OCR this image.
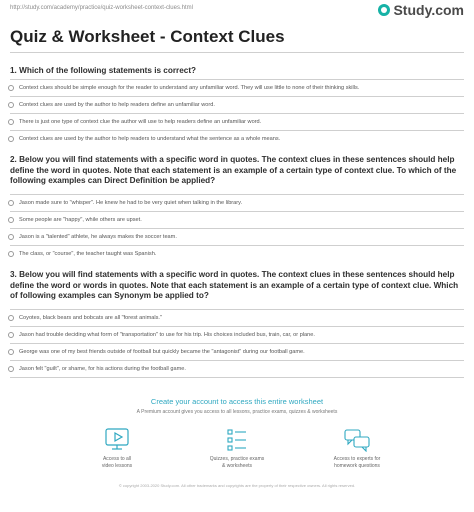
http://study.com/academy/practice/quiz-worksheet-context-clues.html	Study.com
Quiz & Worksheet - Context Clues

1. Which of the following statements is correct?

Context clues should be simple enough for the reader to understand any unfamiliar word. They will use little to none of their thinking skills.
Context clues are used by the author to help readers define an unfamiliar word.
There is just one type of context clue the author will use to help readers define an unfamiliar word.
Context clues are used by the author to help readers to understand what the sentence as a whole means.

2. Below you will find statements with a specific word in quotes. The context clues in these sentences should help define the word in quotes. Note that each statement is an example of a certain type of context clue. To which of the following examples can Direct Definition be applied?

Jason made sure to "whisper". He knew he had to be very quiet when talking in the library.
Some people are "happy", while others are upset.
Jason is a "talented" athlete, he always makes the soccer team.
The class, or "course", the teacher taught was Spanish.

3. Below you will find statements with a specific word in quotes. The context clues in these sentences should help define the word or words in quotes. Note that each statement is an example of a certain type of context clue. Which of following examples can Synonym be applied to?

Coyotes, black bears and bobcats are all "forest animals."
Jason had trouble deciding what form of "transportation" to use for his trip. His choices included bus, train, car, or plane.
George was one of my best friends outside of football but quickly became the "antagonist" during our football game.
Jason felt "guilt", or shame, for his actions during the football game.

Create your account to access this entire worksheet

A Premium account gives you access to all lessons, practice exams, quizzes & worksheets

Access to all
video lessons
Quizzes, practice exams
& worksheets
Access to experts for
homework questions

© copyright 2003-2020 Study.com. All other trademarks and copyrights are the property of their respective owners. All rights reserved.
